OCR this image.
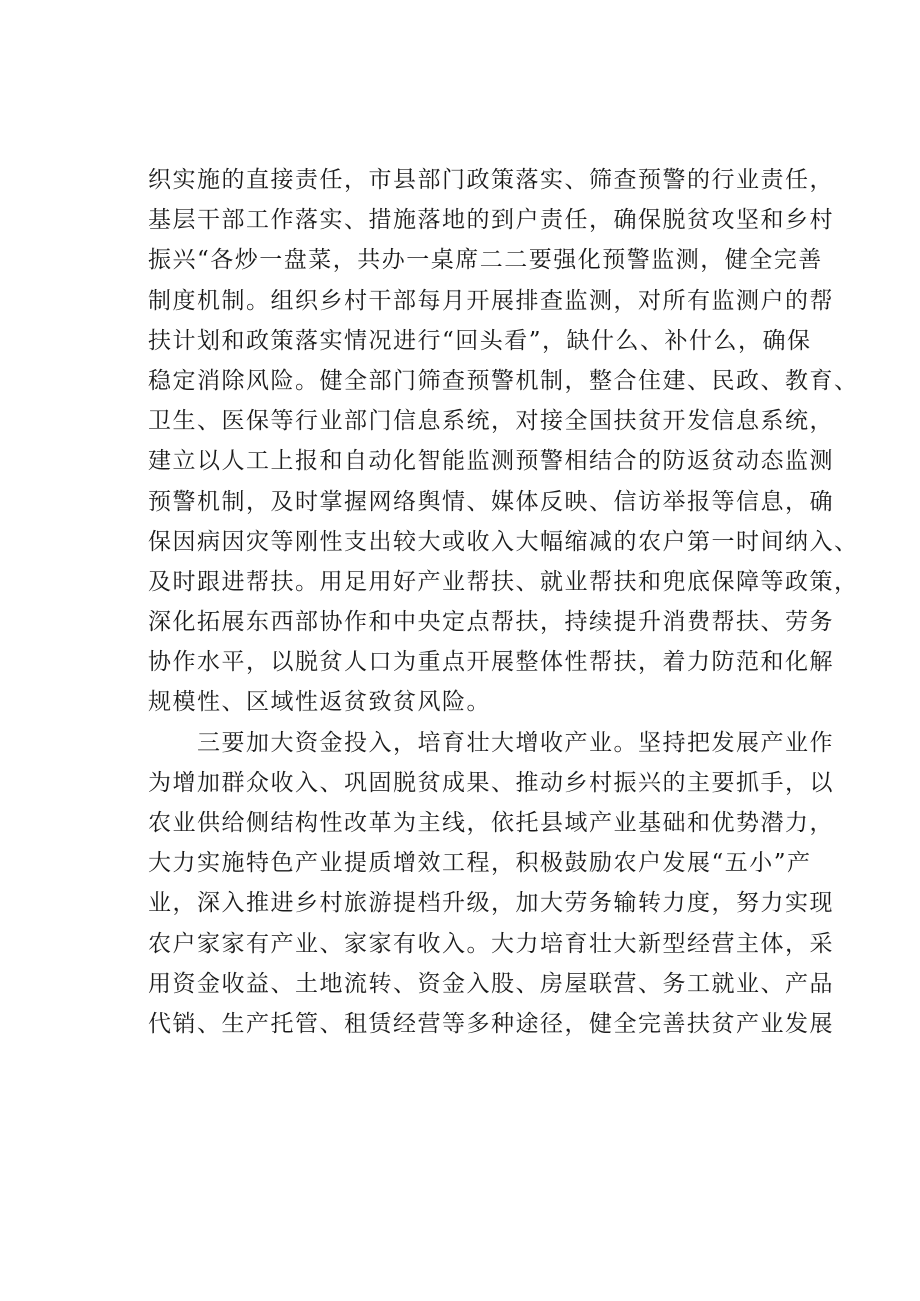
织实施的直接责任，市县部门政策落实、筛查预警的行业责任，
基层干部工作落实、措施落地的到户责任，确保脱贫攻坚和乡村
振兴“各炒一盘菜，共办一桌席二二要强化预警监测，健全完善
制度机制。组织乡村干部每月开展排查监测，对所有监测户的帮
扶计划和政策落实情况进行“回头看”，缺什么、补什么，确保
稳定消除风险。健全部门筛查预警机制，整合住建、民政、教育、
卫生、医保等行业部门信息系统，对接全国扶贫开发信息系统，
建立以人工上报和自动化智能监测预警相结合的防返贫动态监测
预警机制，及时掌握网络舆情、媒体反映、信访举报等信息，确
保因病因灾等刚性支出较大或收入大幅缩减的农户第一时间纳入、
及时跟进帮扶。用足用好产业帮扶、就业帮扶和兜底保障等政策，
深化拓展东西部协作和中央定点帮扶，持续提升消费帮扶、劳务
协作水平，以脱贫人口为重点开展整体性帮扶，着力防范和化解
规模性、区域性返贫致贫风险。
　　三要加大资金投入，培育壮大增收产业。坚持把发展产业作
为增加群众收入、巩固脱贫成果、推动乡村振兴的主要抓手，以
农业供给侧结构性改革为主线，依托县域产业基础和优势潜力，
大力实施特色产业提质增效工程，积极鼓励农户发展“五小”产
业，深入推进乡村旅游提档升级，加大劳务输转力度，努力实现
农户家家有产业、家家有收入。大力培育壮大新型经营主体，采
用资金收益、土地流转、资金入股、房屋联营、务工就业、产品
代销、生产托管、租赁经营等多种途径，健全完善扶贫产业发展
